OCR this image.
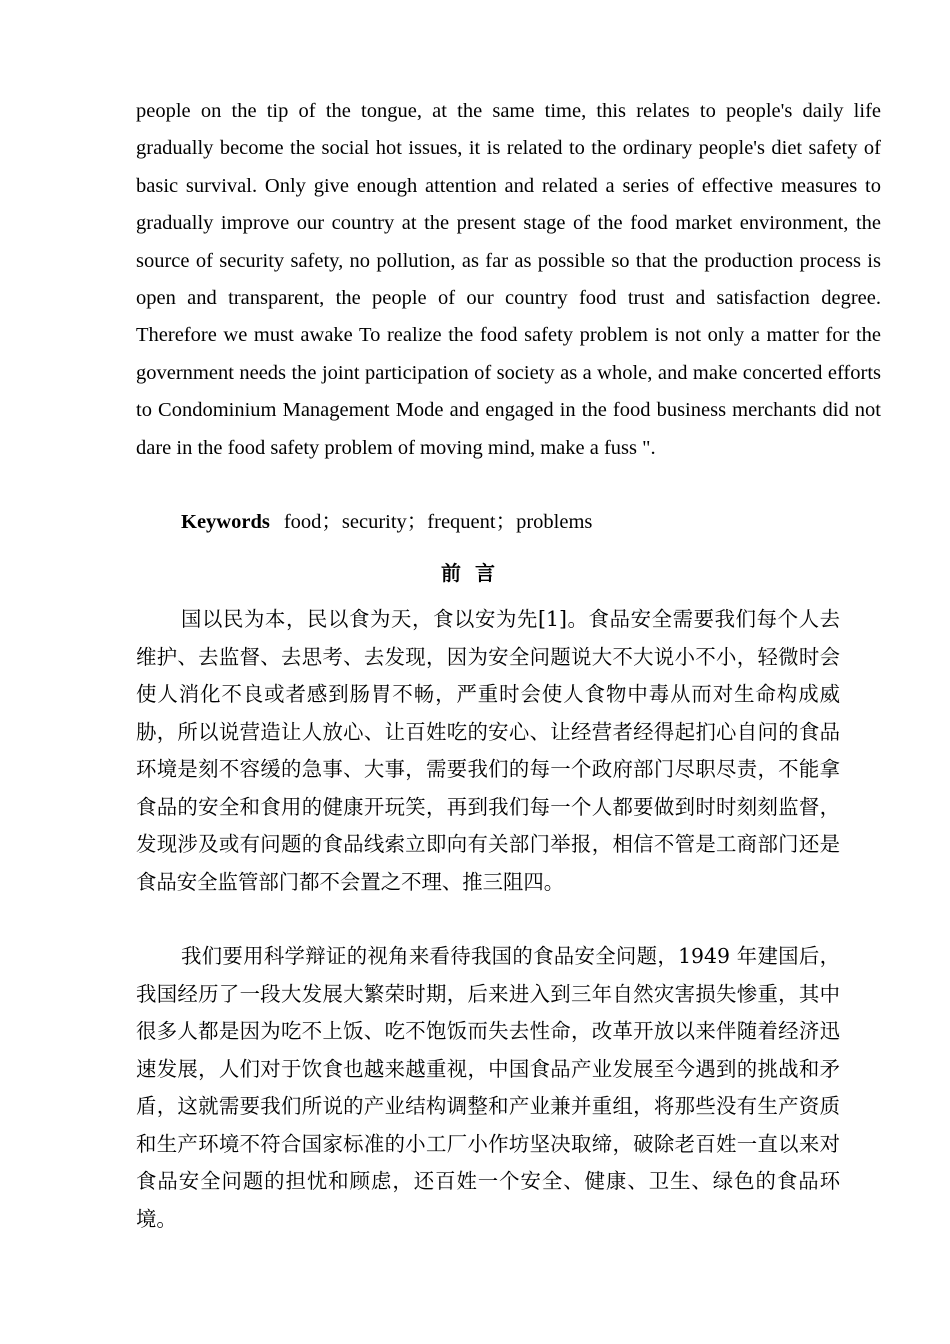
people on the tip of the tongue, at the same time, this relates to people's daily life gradually become the social hot issues, it is related to the ordinary people's diet safety of basic survival. Only give enough attention and related a series of effective measures to gradually improve our country at the present stage of the food market environment, the source of security safety, no pollution, as far as possible so that the production process is open and transparent, the people of our country food trust and satisfaction degree. Therefore we must awake To realize the food safety problem is not only a matter for the government needs the joint participation of society as a whole, and make concerted efforts to Condominium Management Mode and engaged in the food business merchants did not dare in the food safety problem of moving mind, make a fuss ".

Keywords food；security；frequent；problems

前言

国以民为本，民以食为天，食以安为先[1]。食品安全需要我们每个人去维护、去监督、去思考、去发现，因为安全问题说大不大说小不小，轻微时会使人消化不良或者感到肠胃不畅，严重时会使人食物中毒从而对生命构成威胁，所以说营造让人放心、让百姓吃的安心、让经营者经得起扪心自问的食品环境是刻不容缓的急事、大事，需要我们的每一个政府部门尽职尽责，不能拿食品的安全和食用的健康开玩笑，再到我们每一个人都要做到时时刻刻监督，发现涉及或有问题的食品线索立即向有关部门举报，相信不管是工商部门还是食品安全监管部门都不会置之不理、推三阻四。

我们要用科学辩证的视角来看待我国的食品安全问题，1949 年建国后，我国经历了一段大发展大繁荣时期，后来进入到三年自然灾害损失惨重，其中很多人都是因为吃不上饭、吃不饱饭而失去性命，改革开放以来伴随着经济迅速发展，人们对于饮食也越来越重视，中国食品产业发展至今遇到的挑战和矛盾，这就需要我们所说的产业结构调整和产业兼并重组，将那些没有生产资质和生产环境不符合国家标准的小工厂小作坊坚决取缔，破除老百姓一直以来对食品安全问题的担忧和顾虑，还百姓一个安全、健康、卫生、绿色的食品环境。
